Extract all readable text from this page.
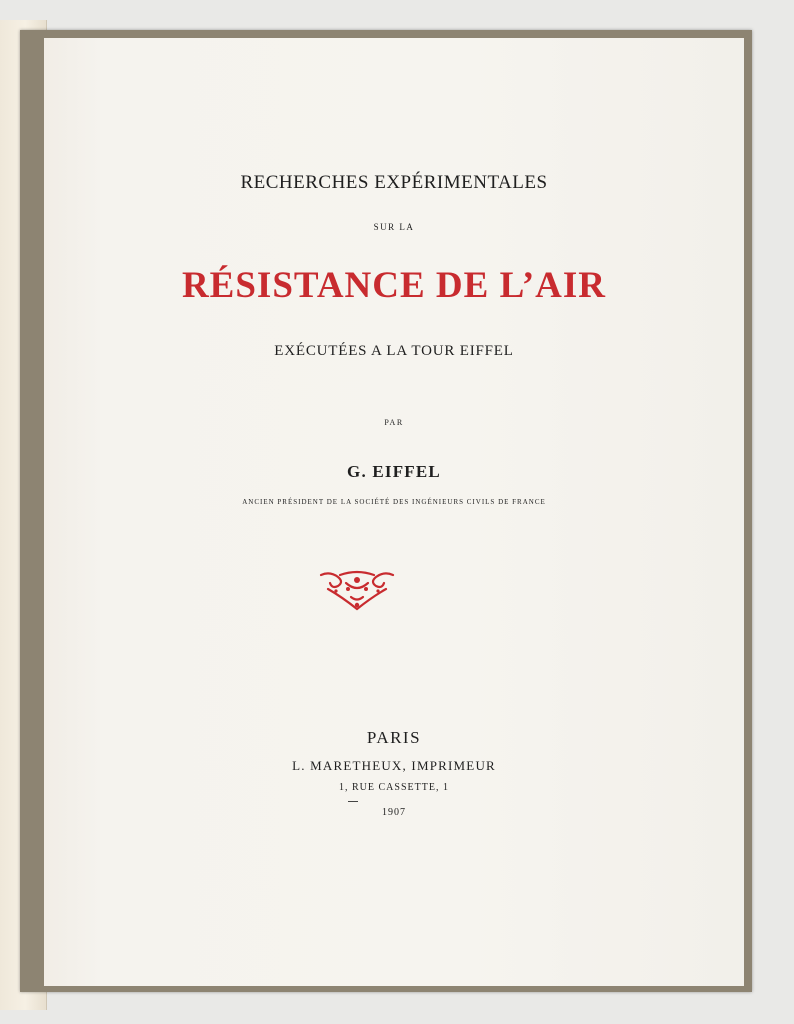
RECHERCHES EXPÉRIMENTALES
SUR LA
RÉSISTANCE DE L’AIR
EXÉCUTÉES A LA TOUR EIFFEL
PAR
G. EIFFEL
ANCIEN PRÉSIDENT DE LA SOCIÉTÉ DES INGÉNIEURS CIVILS DE FRANCE
PARIS
L. MARETHEUX, IMPRIMEUR
1, RUE CASSETTE, 1
1907
